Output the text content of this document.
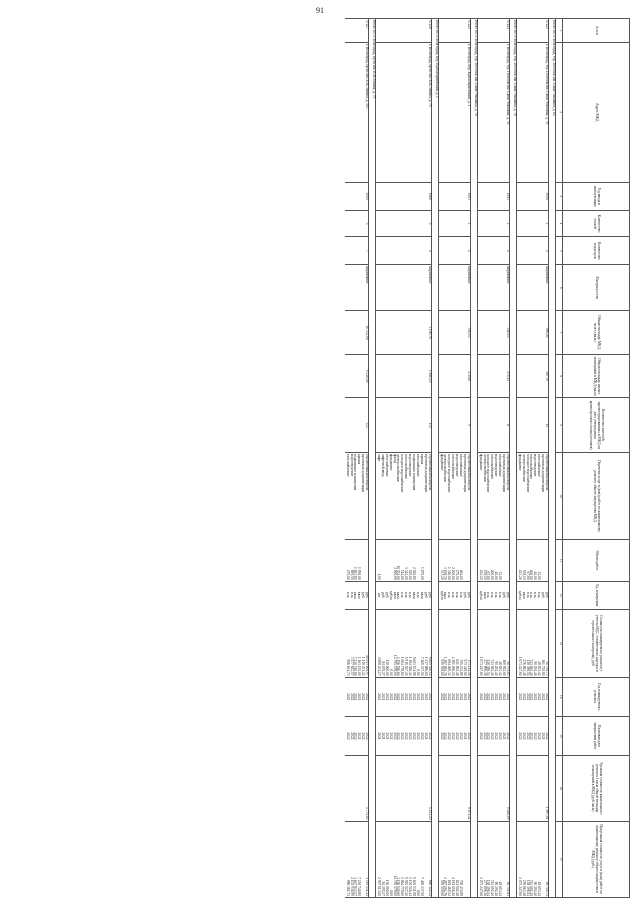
91
№ п/п	Адрес МКД	Год ввода в эксплуатацию	Количество этажей	Количество подъездов	Материал стен	Общая площадь МКД, всего (кв.м)	Общая площадь жилых помещений в МКД (кв.м)	Количество жителей, зарегистрированных в МКД на дату утверждения краткосрочного плана (человек)	Перечень услуг и (или) работ по капитальному ремонту общего имущества МКД	Объем работ	Ед. измерения	Стоимость планируемого ремонта (с учетом НДС, технического надзора и строительного контроля), руб.	Год планируемого ремонта	Плановая дата завершения работ	Удельная стоимость капитального ремонта 1 кв.м общей площади помещений в МКД (руб./кв.м)	Предельная стоимость услуг и (или) работ по капитальному ремонту общего имущества в МКД (руб.)
1	2	3	4	5	6	7	8	9	10	11	12	13	14	15	16	17
Итого по: г. Волгоград, тер. Поселок им. Саши Чекалина, д. 62																
57422	г. Волгоград, тер. Поселок им. Саши Чекалина, д. 76	1955	2	2	кирпичные	596,20	367,70	11	строительный контроль		руб.	50 729,73	2022	2022	1 897,01	50 729,73
									проектная документация		руб.	161 739,80	2021	2021		
									газоснабжение	32,00	п.м.	48 653,44	2022	2022		48 653,44
									водоотведение	40,00	п.м.	90 294,40	2022	2022		90 294,40
									теплоснабжение	400,00	п.м.	743 092,40	2022	2022		743 092,40
									холодное водоснабжение	67,00	п.м.	138 396,54	2022	2022		138 396,54
									электроснабжение	538,10	кв.м	276 863,48	2022	2022		276 863,48
									фундамент	243,20	куб.м	1 073 247,60	2022	2022		1 073 247,60
Итого по: г. Волгоград, тер. Поселок им. Саши Чекалина, д. 76																
57424	г. Волгоград, тер. Поселок им. Саши Чекалина, д. 76	1953	2	2	кирпичные	538,10	270,13	6	строительный контроль		руб.	50 751,83	2022	2022	9 020,09	50 751,83
									проектная документация		руб.	169 952,00	2021	2021		
									газоснабжение	32,00	п.м.	48 653,44	2022	2022		48 653,44
									водоотведение	40,00	п.м.	90 294,40	2022	2022		90 294,40
									теплоснабжение	400,00	п.м.	743 092,40	2022	2022		743 092,40
									холодное водоснабжение	67,00	п.м.	138 396,54	2022	2022		138 396,54
									электроснабжение	538,10	кв.м	277 896,36	2022	2022		277 896,36
									фундамент	243,20	куб.м	1 073 247,60	2022	2022		1 073 247,60
Итого по: г. Волгоград, тер. Поселок им. Саши Чекалина, д. 76																
57425	г. Волгоград, пер. Красноармейский, д. 1	1953	2	2	кирпичные	538,10	270,00	9	строительный контроль		руб.	173 114,58	2022	2022	9 671,42	
									проектная документация		руб.	573 349,00	2021	2021		
									газоснабжение	464,00	п.м.	705 474,88	2022	2022		705 474,88
									водоотведение	275,50	п.м.	621 902,48	2022	2022		621 902,48
									теплоснабжение	2 200,00	п.м.	4 181 056,20	2022	2022		4 181 056,20
									холодное водоснабжение	1 316,00	п.м.	694 469,32	2022	2022		694 469,32
									электроснабжение	3 198,70	кв.м	1 287 094,76	2022	2022		1 287 094,76
									фундамент	337,20	куб.м	559 559,00	2022	2022		559 559,00
Итого по: г. Волгоград, пер. Красноармейский, д. 1																
57426	г. Волгоград, пр-кт им. В.И.Ленина, д. 79	1968	5	4	кирпичные	3 198,70	1 880,10	131	строительный контроль		руб.	8 805 520,14	2022	2022	5 254,25	860 320,34
									проектная документация		руб.	1 337 886,00	2021	2021		
									крыша	1 875,00	кв.м	7 469 337,50	2022	2022		7 469 337,50
									газоснабжение		п.м.	0,00	2022	2022		0,00
									подвальные помещения	2 945,80	кв.м	5 603 531,98	2022	2022		5 603 531,98
									водоотведение	529,00	п.м.	1 194 526,44	2022	2022		1 194 526,44
									теплоснабжение	3 342,00	п.м.	5 915 527,20	2022	2022		5 915 527,20
									холодное водоснабжение	514,00	п.м.	1 064 778,60	2022	2022		1 064 778,60
									электроснабжение	10 352,00	кв.м	4 156 526,60	2022	2022		4 156 526,60
									фасад	4 500,00	кв.м	14 795 578,00	2022	2022		14 795 578,00
									фундамент		куб.м	0,00	2022	2022		0,00
									газоснабжение		руб.	130 000,00	2021	2021		130 000,00
									лифтовой ввод		руб.	84 195,27	2021	2021		84 195,27
									лифт	1,00	шт.	3 888 431,17	2021	2021		2 997 613,00
Итого по: г. Волгоград, пр-кт им. В.И.Ленина, д. 79																
57427	г. Волгоград, пр-кт им. В.И.Ленина, д. 103	1955	5	7	кирпичные	10 332,00	9 328,90	333	строительный контроль		руб.	40 543 809,97	2022	2022	4 775,02	1 119 231,22
									проектная документация		руб.	1 119 231,22	2022	2022		
									крыша	1 950,00	кв.м	1 163 152,00	2021	2021		7 230 740,80
									подвальные помещения	1 657,80	кв.м	7 230 740,80	2022	2022		3 627 833,57
									водоотведение	695,50	п.м.	3 577 823,57	2022	2022		2 103 936,99
									газоснабжение	475,00	п.м.	986 161,73	2022	2022		986 161,73
